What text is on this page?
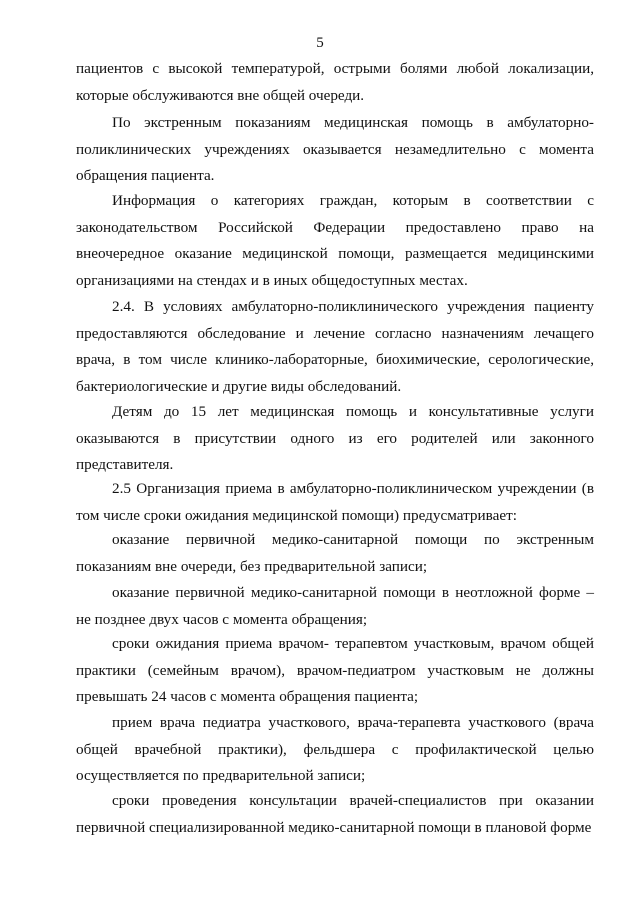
5

пациентов с высокой температурой, острыми болями любой локализации, которые обслуживаются вне общей очереди.

По экстренным показаниям медицинская помощь в амбулаторно-поликлинических учреждениях оказывается незамедлительно с момента обращения пациента.

Информация о категориях граждан, которым в соответствии с законодательством Российской Федерации предоставлено право на внеочередное оказание медицинской помощи, размещается медицинскими организациями на стендах и в иных общедоступных местах.

2.4. В условиях амбулаторно-поликлинического учреждения пациенту предоставляются обследование и лечение согласно назначениям лечащего врача, в том числе клинико-лабораторные, биохимические, серологические, бактериологические и другие виды обследований.

Детям до 15 лет медицинская помощь и консультативные услуги оказываются в присутствии одного из его родителей или законного представителя.

2.5 Организация приема в амбулаторно-поликлиническом учреждении (в том числе сроки ожидания медицинской помощи) предусматривает:

оказание первичной медико-санитарной помощи по экстренным показаниям вне очереди, без предварительной записи;

оказание первичной медико-санитарной помощи в неотложной форме – не позднее двух часов с момента обращения;

сроки ожидания приема врачом- терапевтом участковым, врачом общей практики (семейным врачом), врачом-педиатром участковым не должны превышать 24 часов с момента обращения пациента;

прием врача педиатра участкового, врача-терапевта участкового (врача общей врачебной практики), фельдшера с профилактической целью осуществляется по предварительной записи;

сроки проведения консультации врачей-специалистов при оказании первичной специализированной медико-санитарной помощи в плановой форме
